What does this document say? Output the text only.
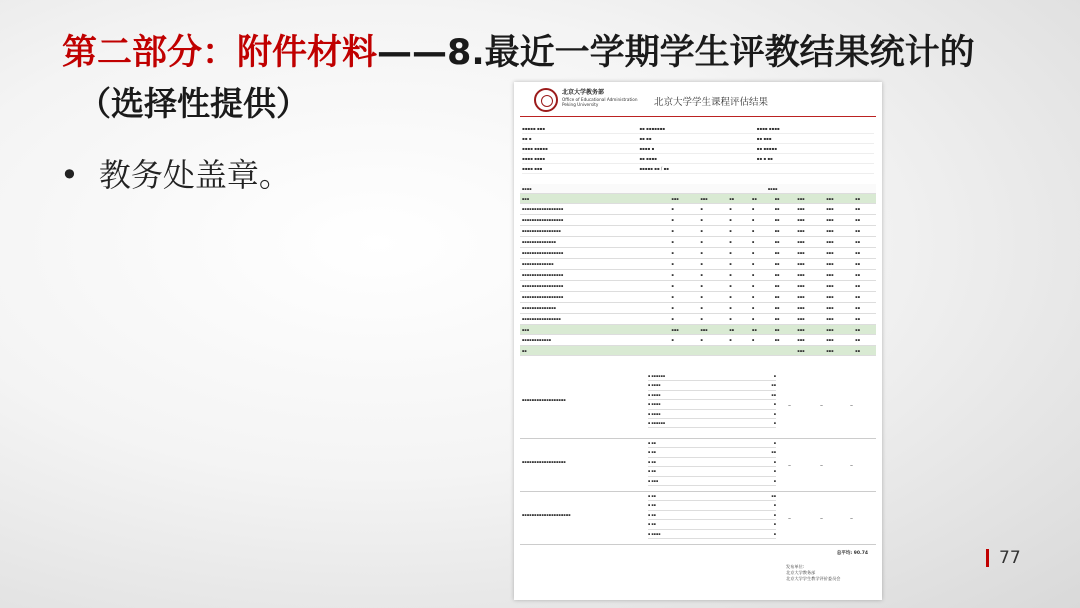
第二部分：附件材料——8.最近一学期学生评教结果统计的
（选择性提供）
• 教务处盖章。
北京大学教务部
Office of Educational Administration Peking University	北京大学学生课程评估结果
▪▪▪▪▪ ▪▪▪	▪▪ ▪▪▪▪▪▪▪	▪▪▪▪ ▪▪▪▪
▪▪ ▪	▪▪ ▪▪	▪▪ ▪▪▪
▪▪▪▪ ▪▪▪▪▪	▪▪▪▪ ▪	▪▪ ▪▪▪▪▪
▪▪▪▪ ▪▪▪▪	▪▪ ▪▪▪▪	▪▪ ▪ ▪▪
▪▪▪▪ ▪▪▪	▪▪▪▪▪ ▪▪ / ▪▪
▪▪▪▪	▪▪▪▪							
▪▪▪	▪▪▪	▪▪▪	▪▪	▪▪	▪▪	▪▪▪	▪▪▪	▪▪
▪▪▪▪▪▪▪▪▪▪▪▪▪▪▪▪▪	▪	▪	▪	▪	▪▪	▪▪▪	▪▪▪	▪▪
▪▪▪▪▪▪▪▪▪▪▪▪▪▪▪▪▪	▪	▪	▪	▪	▪▪	▪▪▪	▪▪▪	▪▪
▪▪▪▪▪▪▪▪▪▪▪▪▪▪▪▪	▪	▪	▪	▪	▪▪	▪▪▪	▪▪▪	▪▪
▪▪▪▪▪▪▪▪▪▪▪▪▪▪	▪	▪	▪	▪	▪▪	▪▪▪	▪▪▪	▪▪
▪▪▪▪▪▪▪▪▪▪▪▪▪▪▪▪▪	▪	▪	▪	▪	▪▪	▪▪▪	▪▪▪	▪▪
▪▪▪▪▪▪▪▪▪▪▪▪▪	▪	▪	▪	▪	▪▪	▪▪▪	▪▪▪	▪▪
▪▪▪▪▪▪▪▪▪▪▪▪▪▪▪▪▪	▪	▪	▪	▪	▪▪	▪▪▪	▪▪▪	▪▪
▪▪▪▪▪▪▪▪▪▪▪▪▪▪▪▪▪	▪	▪	▪	▪	▪▪	▪▪▪	▪▪▪	▪▪
▪▪▪▪▪▪▪▪▪▪▪▪▪▪▪▪▪	▪	▪	▪	▪	▪▪	▪▪▪	▪▪▪	▪▪
▪▪▪▪▪▪▪▪▪▪▪▪▪▪	▪	▪	▪	▪	▪▪	▪▪▪	▪▪▪	▪▪
▪▪▪▪▪▪▪▪▪▪▪▪▪▪▪▪	▪	▪	▪	▪	▪▪	▪▪▪	▪▪▪	▪▪
▪▪▪	▪▪▪	▪▪▪	▪▪	▪▪	▪▪	▪▪▪	▪▪▪	▪▪
▪▪▪▪▪▪▪▪▪▪▪▪	▪	▪	▪	▪	▪▪	▪▪▪	▪▪▪	▪▪
▪▪						▪▪▪	▪▪▪	▪▪
▪▪▪▪▪▪▪▪▪▪▪▪▪▪▪▪▪▪
▪ ▪▪▪▪▪▪	▪
▪ ▪▪▪▪	▪▪
▪ ▪▪▪▪	▪▪
▪ ▪▪▪▪	▪
▪ ▪▪▪▪	▪
▪ ▪▪▪▪▪▪	▪
–	–	–
▪▪▪▪▪▪▪▪▪▪▪▪▪▪▪▪▪▪
▪ ▪▪	▪
▪ ▪▪	▪▪
▪ ▪▪	▪
▪ ▪▪	▪
▪ ▪▪▪	▪
–	–	–
▪▪▪▪▪▪▪▪▪▪▪▪▪▪▪▪▪▪▪▪
▪ ▪▪	▪▪
▪ ▪▪	▪
▪ ▪▪	▪
▪ ▪▪	▪
▪ ▪▪▪▪	▪
–	–	–
总平均: 90.74
发布单位:
北京大学教务部
北京大学学生教学评价委员会
77
